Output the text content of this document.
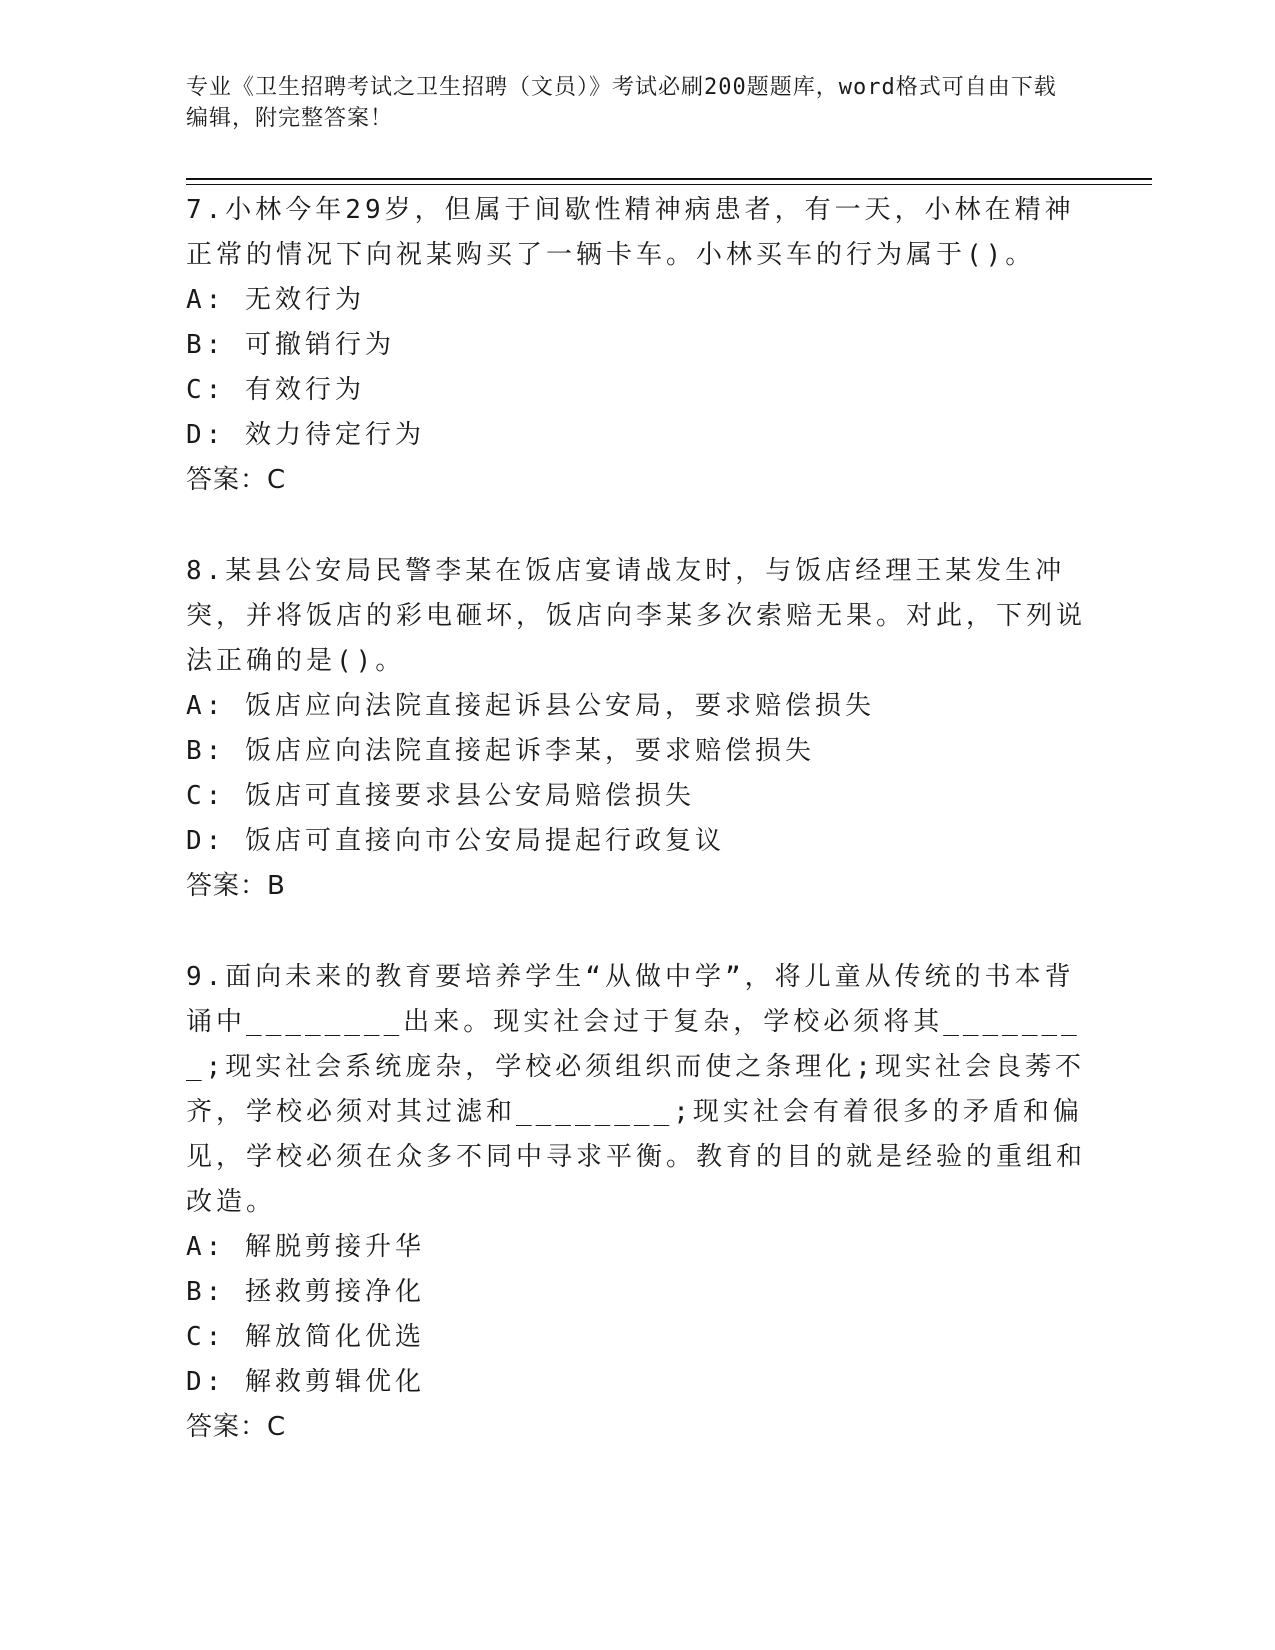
专业《卫生招聘考试之卫生招聘（文员）》考试必刷200题题库，word格式可自由下载编辑，附完整答案！
7.小林今年29岁，但属于间歇性精神病患者，有一天，小林在精神正常的情况下向祝某购买了一辆卡车。小林买车的行为属于()。
A: 无效行为
B: 可撤销行为
C: 有效行为
D: 效力待定行为
答案：C
8.某县公安局民警李某在饭店宴请战友时，与饭店经理王某发生冲突，并将饭店的彩电砸坏，饭店向李某多次索赔无果。对此，下列说法正确的是()。
A: 饭店应向法院直接起诉县公安局，要求赔偿损失
B: 饭店应向法院直接起诉李某，要求赔偿损失
C: 饭店可直接要求县公安局赔偿损失
D: 饭店可直接向市公安局提起行政复议
答案：B
9.面向未来的教育要培养学生“从做中学”，将儿童从传统的书本背诵中________出来。现实社会过于复杂，学校必须将其________;现实社会系统庞杂，学校必须组织而使之条理化;现实社会良莠不齐，学校必须对其过滤和________;现实社会有着很多的矛盾和偏见，学校必须在众多不同中寻求平衡。教育的目的就是经验的重组和改造。
A: 解脱剪接升华
B: 拯救剪接净化
C: 解放简化优选
D: 解救剪辑优化
答案：C
